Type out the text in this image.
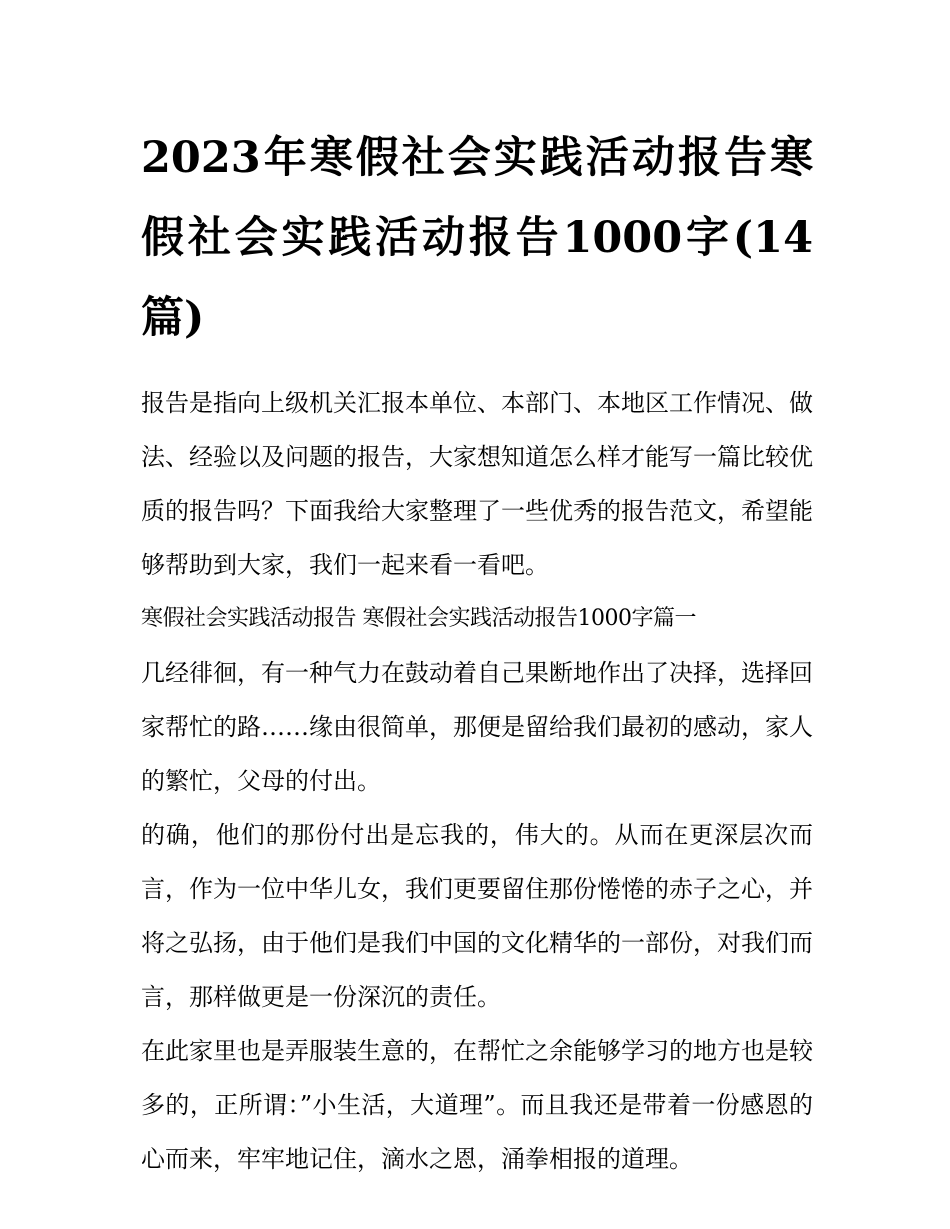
2023年寒假社会实践活动报告寒假社会实践活动报告1000字(14篇)

报告是指向上级机关汇报本单位、本部门、本地区工作情况、做法、经验以及问题的报告，大家想知道怎么样才能写一篇比较优质的报告吗？下面我给大家整理了一些优秀的报告范文，希望能够帮助到大家，我们一起来看一看吧。

寒假社会实践活动报告 寒假社会实践活动报告1000字篇一

几经徘徊，有一种气力在鼓动着自己果断地作出了决择，选择回家帮忙的路……缘由很简单，那便是留给我们最初的感动，家人的繁忙，父母的付出。

的确，他们的那份付出是忘我的，伟大的。从而在更深层次而言，作为一位中华儿女，我们更要留住那份惓惓的赤子之心，并将之弘扬，由于他们是我们中国的文化精华的一部份，对我们而言，那样做更是一份深沉的责任。

在此家里也是弄服装生意的，在帮忙之余能够学习的地方也是较多的，正所谓：”小生活，大道理”。而且我还是带着一份感恩的心而来，牢牢地记住，滴水之恩，涌拳相报的道理。
